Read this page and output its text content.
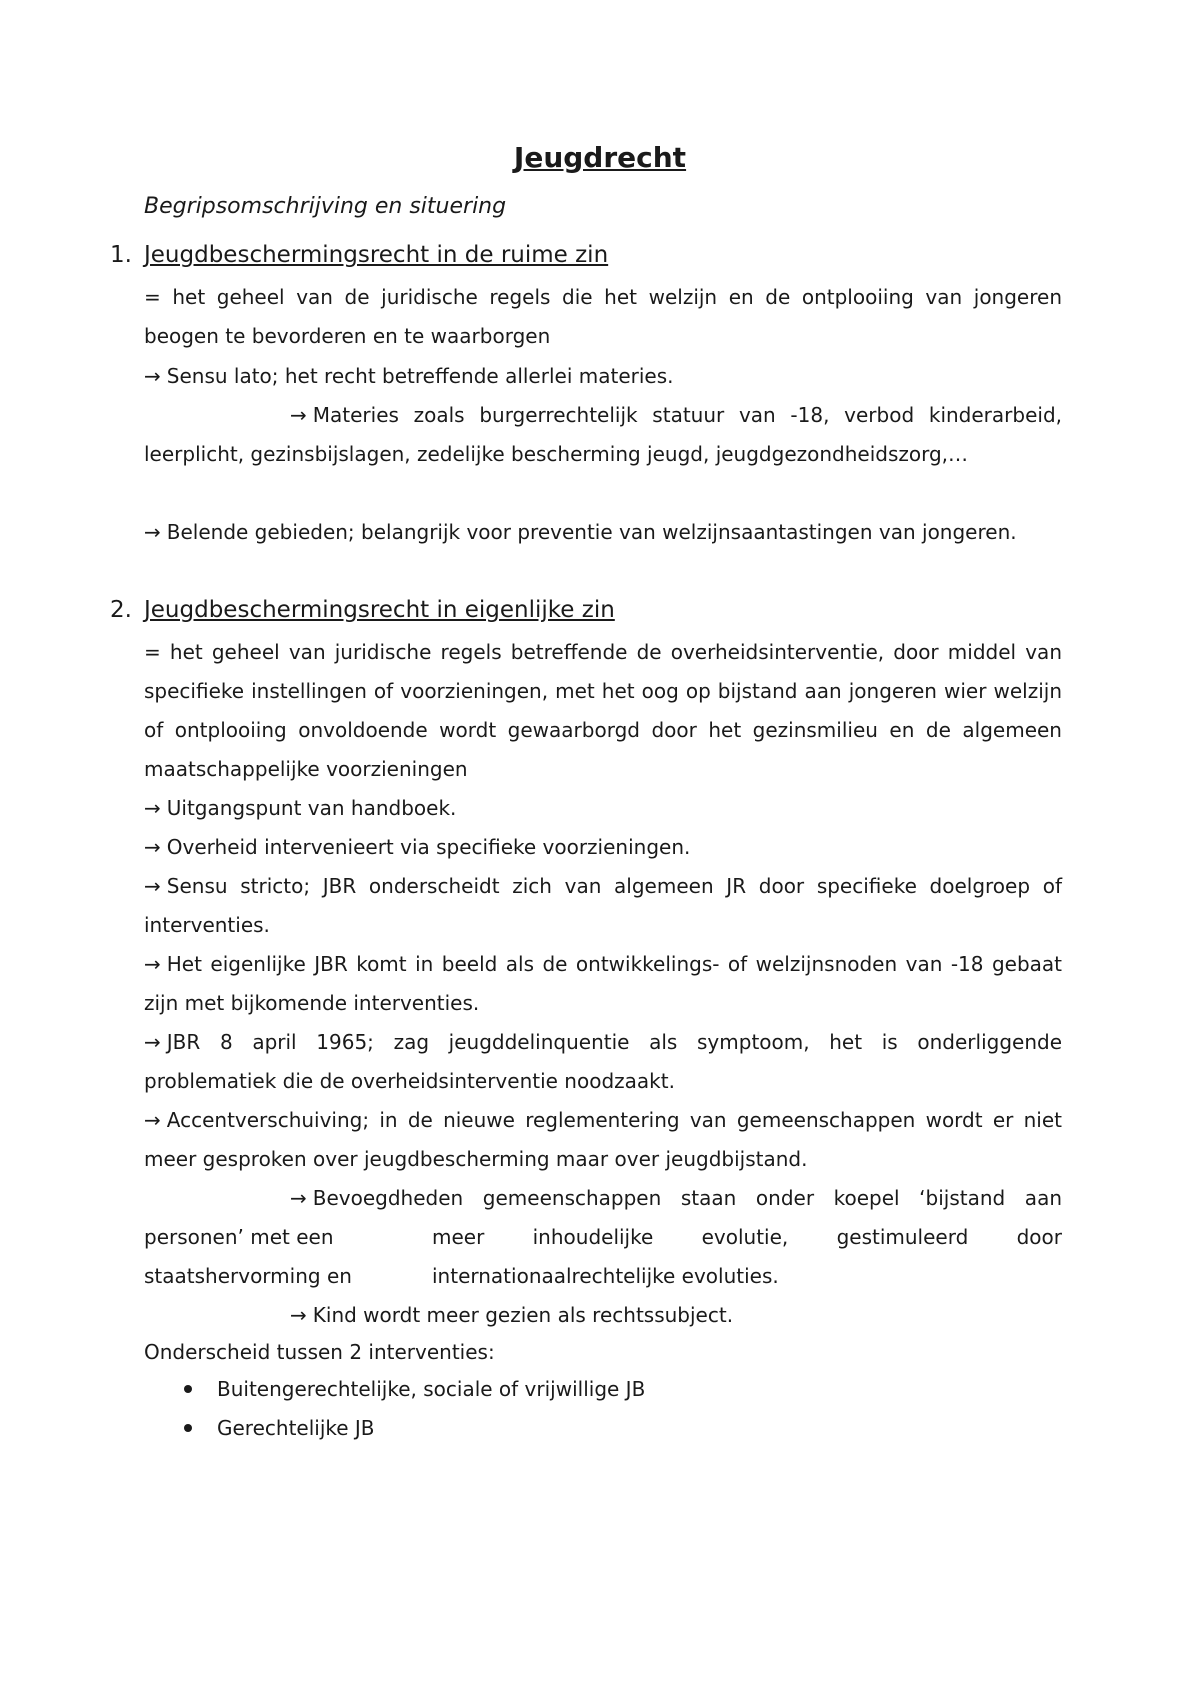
Jeugdrecht
Begripsomschrijving en situering
1. Jeugdbeschermingsrecht in de ruime zin

= het geheel van de juridische regels die het welzijn en de ontplooiing van jongeren beogen te bevorderen en te waarborgen

→ Sensu lato; het recht betreffende allerlei materies.

→ Materies zoals burgerrechtelijk statuur van -18, verbod kinderarbeid, leerplicht, gezinsbijslagen, zedelijke bescherming jeugd, jeugdgezondheidszorg,…

→ Belende gebieden; belangrijk voor preventie van welzijnsaantastingen van jongeren.

2. Jeugdbeschermingsrecht in eigenlijke zin

= het geheel van juridische regels betreffende de overheidsinterventie, door middel van specifieke instellingen of voorzieningen, met het oog op bijstand aan jongeren wier welzijn of ontplooiing onvoldoende wordt gewaarborgd door het gezinsmilieu en de algemeen maatschappelijke voorzieningen

→ Uitgangspunt van handboek.

→ Overheid intervenieert via specifieke voorzieningen.

→ Sensu stricto; JBR onderscheidt zich van algemeen JR door specifieke doelgroep of interventies.

→ Het eigenlijke JBR komt in beeld als de ontwikkelings- of welzijnsnoden van -18 gebaat zijn met bijkomende interventies.

→ JBR 8 april 1965; zag jeugddelinquentie als symptoom, het is onderliggende problematiek die de overheidsinterventie noodzaakt.

→ Accentverschuiving; in de nieuwe reglementering van gemeenschappen wordt er niet meer gesproken over jeugdbescherming maar over jeugdbijstand.

→ Bevoegdheden gemeenschappen staan onder koepel ‘bijstand aan

personen’ met een	meer inhoudelijke evolutie, gestimuleerd door
staatshervorming en	internationaalrechtelijke evoluties.

→ Kind wordt meer gezien als rechtssubject.

Onderscheid tussen 2 interventies:

Buitengerechtelijke, sociale of vrijwillige JB
Gerechtelijke JB
